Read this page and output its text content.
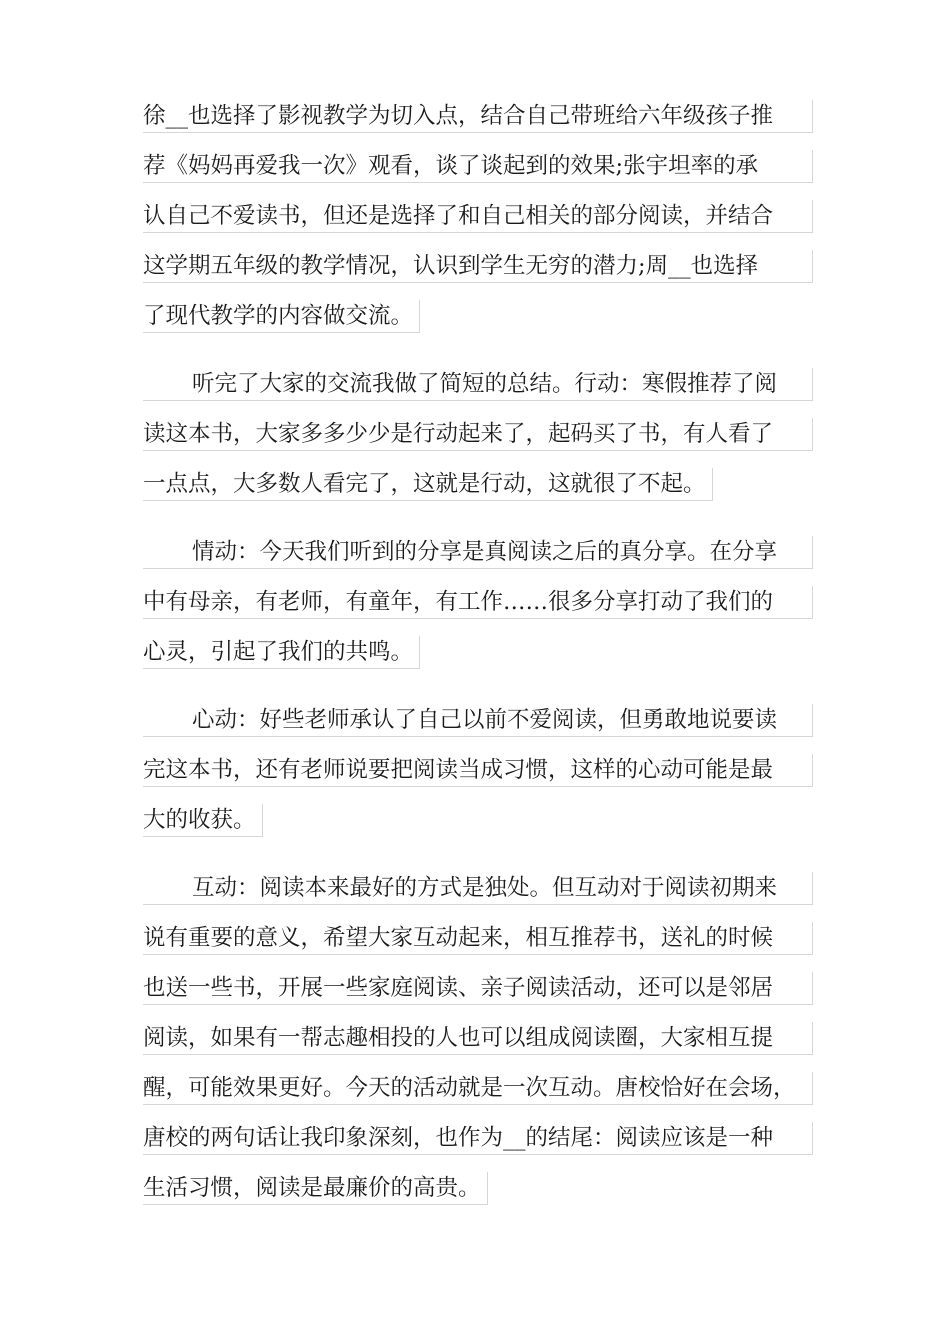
徐__也选择了影视教学为切入点，结合自己带班给六年级孩子推
荐《妈妈再爱我一次》观看，谈了谈起到的效果;张宇坦率的承
认自己不爱读书，但还是选择了和自己相关的部分阅读，并结合
这学期五年级的教学情况，认识到学生无穷的潜力;周__也选择
了现代教学的内容做交流。
听完了大家的交流我做了简短的总结。行动：寒假推荐了阅
读这本书，大家多多少少是行动起来了，起码买了书，有人看了
一点点，大多数人看完了，这就是行动，这就很了不起。
情动：今天我们听到的分享是真阅读之后的真分享。在分享
中有母亲，有老师，有童年，有工作……很多分享打动了我们的
心灵，引起了我们的共鸣。
心动：好些老师承认了自己以前不爱阅读，但勇敢地说要读
完这本书，还有老师说要把阅读当成习惯，这样的心动可能是最
大的收获。
互动：阅读本来最好的方式是独处。但互动对于阅读初期来
说有重要的意义，希望大家互动起来，相互推荐书，送礼的时候
也送一些书，开展一些家庭阅读、亲子阅读活动，还可以是邻居
阅读，如果有一帮志趣相投的人也可以组成阅读圈，大家相互提
醒，可能效果更好。今天的活动就是一次互动。唐校恰好在会场，
唐校的两句话让我印象深刻，也作为__的结尾：阅读应该是一种
生活习惯，阅读是最廉价的高贵。
